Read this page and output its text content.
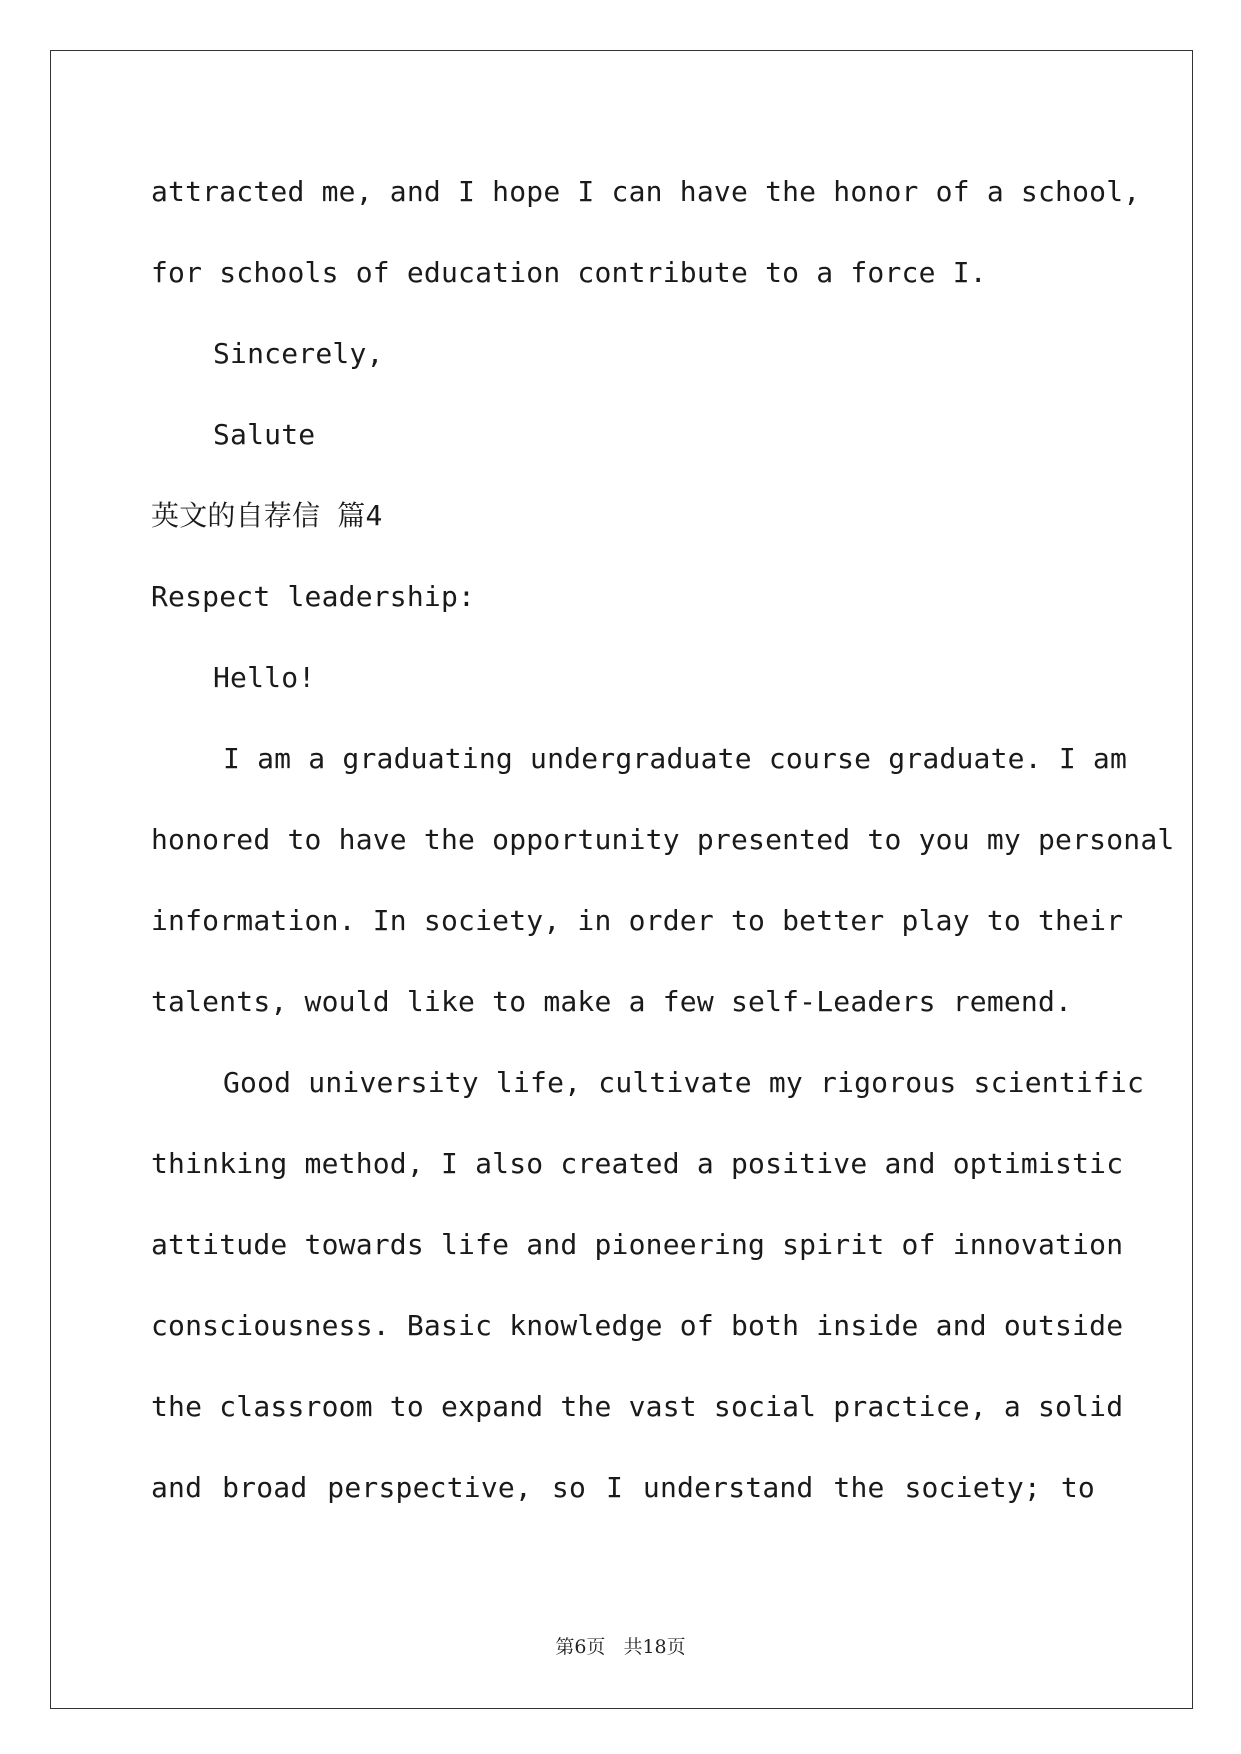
attracted me, and I hope I can have the honor of a school,
for schools of education contribute to a force I.
Sincerely,
Salute
英文的自荐信 篇4
Respect leadership:
Hello!
I am a graduating undergraduate course graduate. I am
honored to have the opportunity presented to you my personal
information. In society, in order to better play to their
talents, would like to make a few self-Leaders remend.
Good university life, cultivate my rigorous scientific
thinking method, I also created a positive and optimistic
attitude towards life and pioneering spirit of innovation
consciousness. Basic knowledge of both inside and outside
the classroom to expand the vast social practice, a solid
and broad perspective, so I understand the society; to
第6页 共18页
